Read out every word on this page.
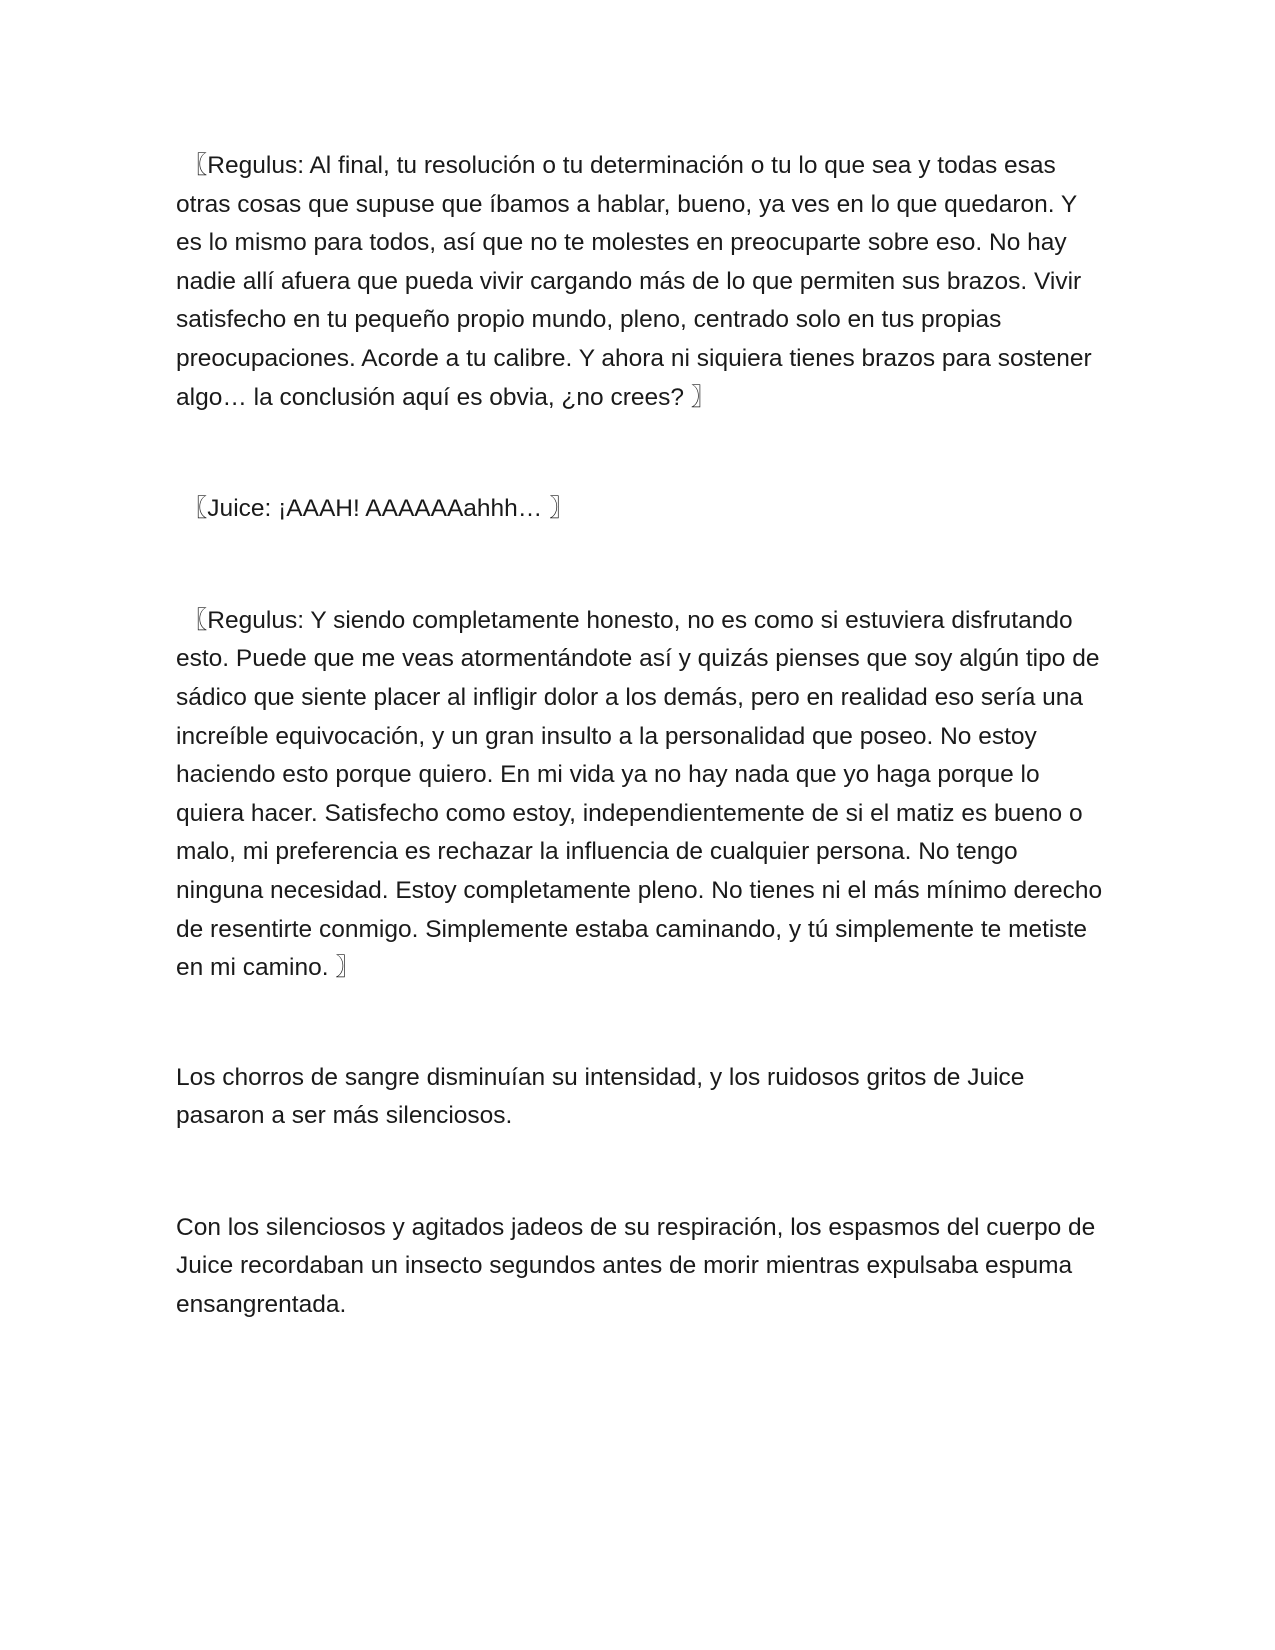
〖Regulus: Al final, tu resolución o tu determinación o tu lo que sea y todas esas otras cosas que supuse que íbamos a hablar, bueno, ya ves en lo que quedaron. Y es lo mismo para todos, así que no te molestes en preocuparte sobre eso. No hay nadie allí afuera que pueda vivir cargando más de lo que permiten sus brazos. Vivir satisfecho en tu pequeño propio mundo, pleno, centrado solo en tus propias preocupaciones. Acorde a tu calibre. Y ahora ni siquiera tienes brazos para sostener algo… la conclusión aquí es obvia, ¿no crees? 〗

〖Juice: ¡AAAH! AAAAAAahhh… 〗

〖Regulus: Y siendo completamente honesto, no es como si estuviera disfrutando esto. Puede que me veas atormentándote así y quizás pienses que soy algún tipo de sádico que siente placer al infligir dolor a los demás, pero en realidad eso sería una increíble equivocación, y un gran insulto a la personalidad que poseo. No estoy haciendo esto porque quiero. En mi vida ya no hay nada que yo haga porque lo quiera hacer. Satisfecho como estoy, independientemente de si el matiz es bueno o malo, mi preferencia es rechazar la influencia de cualquier persona. No tengo ninguna necesidad. Estoy completamente pleno. No tienes ni el más mínimo derecho de resentirte conmigo. Simplemente estaba caminando, y tú simplemente te metiste en mi camino. 〗

Los chorros de sangre disminuían su intensidad, y los ruidosos gritos de Juice pasaron a ser más silenciosos.

Con los silenciosos y agitados jadeos de su respiración, los espasmos del cuerpo de Juice recordaban un insecto segundos antes de morir mientras expulsaba espuma ensangrentada.
